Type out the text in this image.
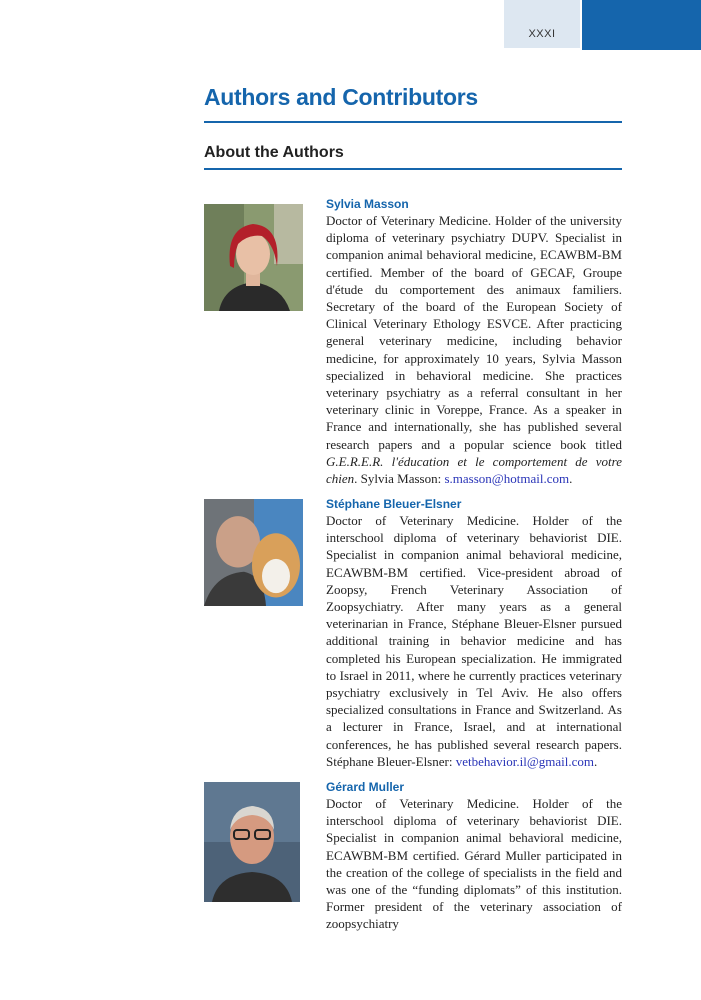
XXXI
Authors and Contributors
About the Authors
Sylvia Masson

Doctor of Veterinary Medicine. Holder of the university diploma of veterinary psychiatry DUPV. Specialist in companion animal behavioral medicine, ECAWBM-BM certified. Member of the board of GECAF, Groupe d'étude du comportement des animaux familiers. Secretary of the board of the European Society of Clinical Veterinary Ethology ESVCE. After practicing general veterinary medicine, including behavior medicine, for approximately 10 years, Sylvia Masson specialized in behavioral medicine. She practices veterinary psychiatry as a referral consultant in her veterinary clinic in Voreppe, France. As a speaker in France and internationally, she has published several research papers and a popular science book titled G.E.R.E.R. l'éducation et le comportement de votre chien. Sylvia Masson: s.masson@hotmail.com.

Stéphane Bleuer-Elsner

Doctor of Veterinary Medicine. Holder of the interschool diploma of veterinary behaviorist DIE. Specialist in companion animal behavioral medicine, ECAWBM-BM certified. Vice-president abroad of Zoopsy, French Veterinary Association of Zoopsychiatry. After many years as a general veterinarian in France, Stéphane Bleuer-Elsner pursued additional training in behavior medicine and has completed his European specialization. He immigrated to Israel in 2011, where he currently practices veterinary psychiatry exclusively in Tel Aviv. He also offers specialized consultations in France and Switzerland. As a lecturer in France, Israel, and at international conferences, he has published several research papers. Stéphane Bleuer-Elsner: vetbehavior.il@gmail.com.

Gérard Muller

Doctor of Veterinary Medicine. Holder of the interschool diploma of veterinary behaviorist DIE. Specialist in companion animal behavioral medicine, ECAWBM-BM certified. Gérard Muller participated in the creation of the college of specialists in the field and was one of the “funding diplomats” of this institution. Former president of the veterinary association of zoopsychiatry
